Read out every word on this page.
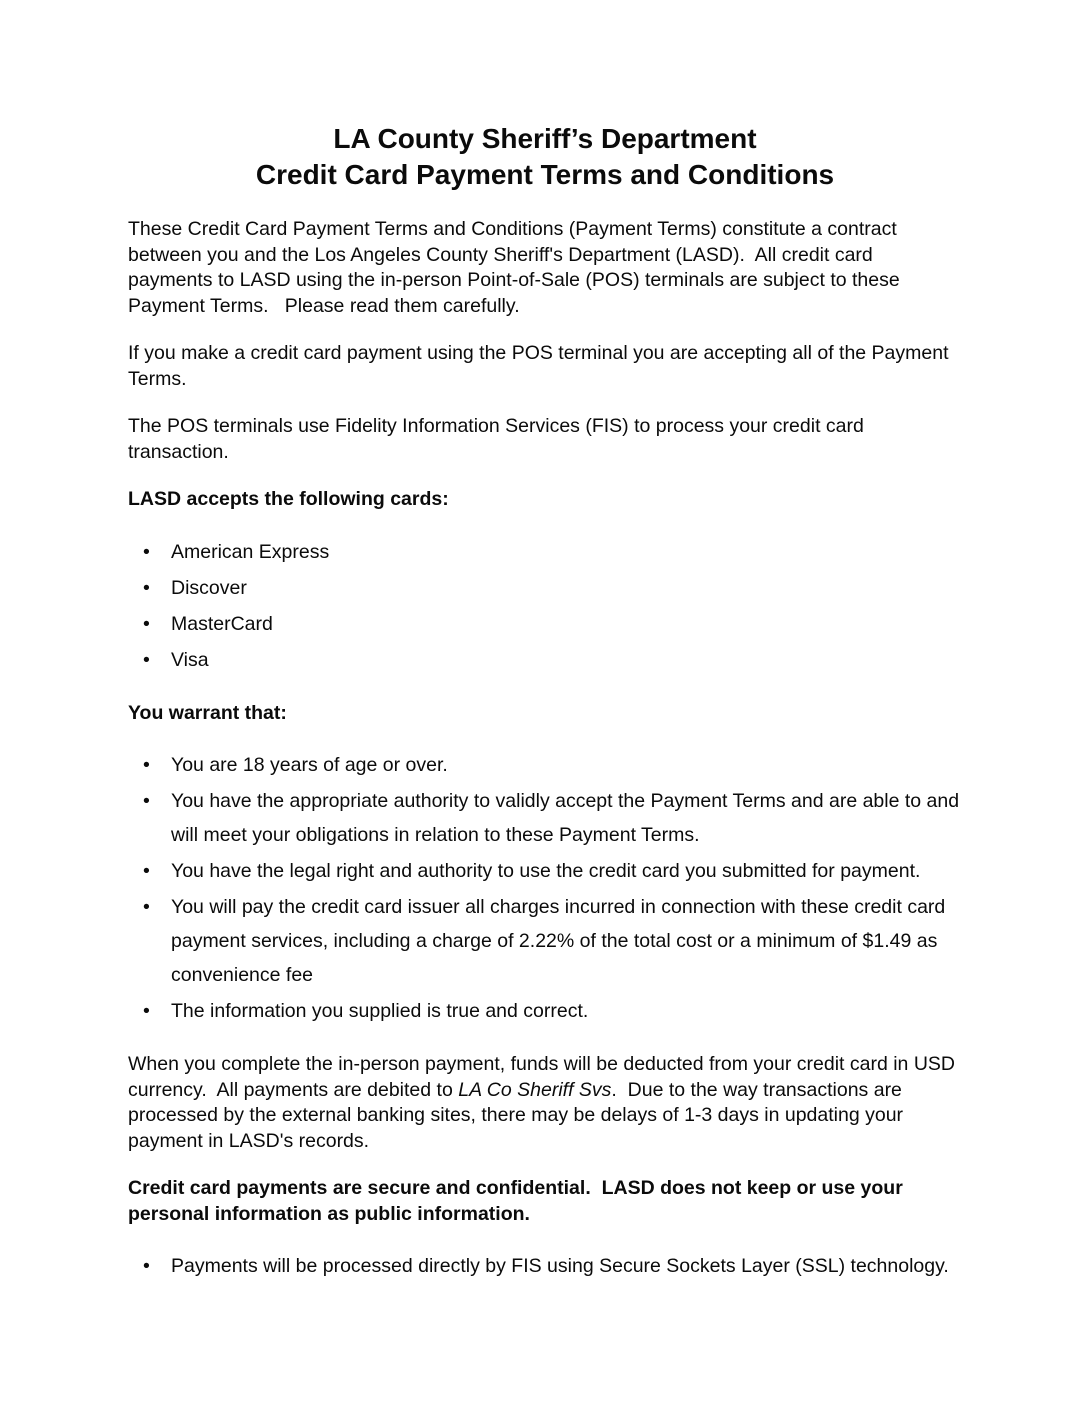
LA County Sheriff’s Department
Credit Card Payment Terms and Conditions

These Credit Card Payment Terms and Conditions (Payment Terms) constitute a contract between you and the Los Angeles County Sheriff's Department (LASD).  All credit card payments to LASD using the in-person Point-of-Sale (POS) terminals are subject to these Payment Terms.   Please read them carefully.

If you make a credit card payment using the POS terminal you are accepting all of the Payment Terms.

The POS terminals use Fidelity Information Services (FIS) to process your credit card transaction.

LASD accepts the following cards:

• American Express
• Discover
• MasterCard
• Visa

You warrant that:

• You are 18 years of age or over.
• You have the appropriate authority to validly accept the Payment Terms and are able to and will meet your obligations in relation to these Payment Terms.
• You have the legal right and authority to use the credit card you submitted for payment.
• You will pay the credit card issuer all charges incurred in connection with these credit card payment services, including a charge of 2.22% of the total cost or a minimum of $1.49 as convenience fee
• The information you supplied is true and correct.

When you complete the in-person payment, funds will be deducted from your credit card in USD currency.  All payments are debited to LA Co Sheriff Svs.  Due to the way transactions are processed by the external banking sites, there may be delays of 1-3 days in updating your payment in LASD's records.

Credit card payments are secure and confidential.  LASD does not keep or use your personal information as public information.

• Payments will be processed directly by FIS using Secure Sockets Layer (SSL) technology.
